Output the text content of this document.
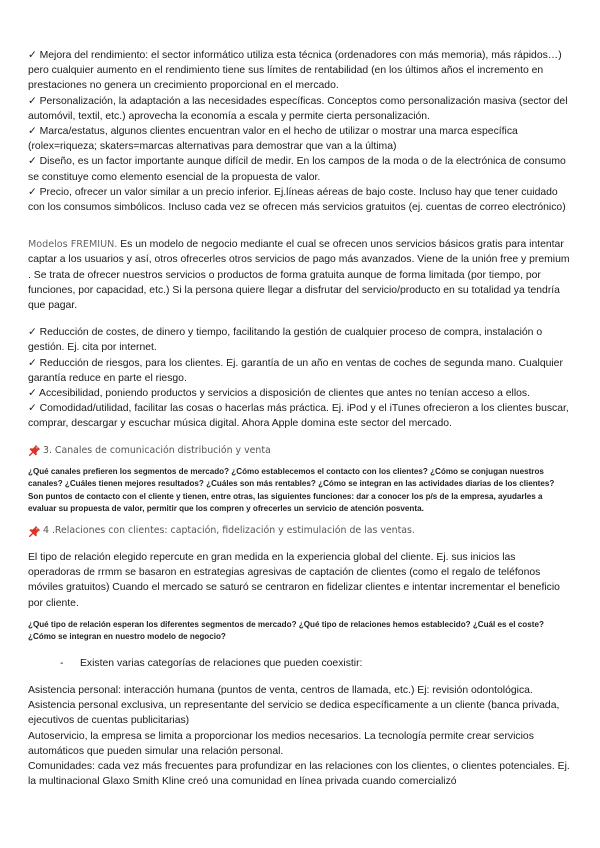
✓ Mejora del rendimiento: el sector informático utiliza esta técnica (ordenadores con más memoria), más rápidos…) pero cualquier aumento en el rendimiento tiene sus límites de rentabilidad (en los últimos años el incremento en prestaciones no genera un crecimiento proporcional en el mercado.

✓ Personalización, la adaptación a las necesidades específicas. Conceptos como personalización masiva (sector del automóvil, textil, etc.) aprovecha la economía a escala y permite cierta personalización.

✓ Marca/estatus, algunos clientes encuentran valor en el hecho de utilizar o mostrar una marca específica (rolex=riqueza; skaters=marcas alternativas para demostrar que van a la última)

✓ Diseño, es un factor importante aunque difícil de medir. En los campos de la moda o de la electrónica de consumo se constituye como elemento esencial de la propuesta de valor.

✓ Precio, ofrecer un valor similar a un precio inferior. Ej.líneas aéreas de bajo coste. Incluso hay que tener cuidado con los consumos simbólicos. Incluso cada vez se ofrecen más servicios gratuitos (ej. cuentas de correo electrónico)

Modelos FREMIUN. Es un modelo de negocio mediante el cual se ofrecen unos servicios básicos gratis para intentar captar a los usuarios y así, otros ofrecerles otros servicios de pago más avanzados. Viene de la unión free y premium . Se trata de ofrecer nuestros servicios o productos de forma gratuita aunque de forma limitada (por tiempo, por funciones, por capacidad, etc.) Si la persona quiere llegar a disfrutar del servicio/producto en su totalidad ya tendría que pagar.

✓ Reducción de costes, de dinero y tiempo, facilitando la gestión de cualquier proceso de compra, instalación o gestión. Ej. cita por internet.

✓ Reducción de riesgos, para los clientes. Ej. garantía de un año en ventas de coches de segunda mano. Cualquier garantía reduce en parte el riesgo.

✓ Accesibilidad, poniendo productos y servicios a disposición de clientes que antes no tenían acceso a ellos.

✓ Comodidad/utilidad, facilitar las cosas o hacerlas más práctica. Ej. iPod y el iTunes ofrecieron a los clientes buscar, comprar, descargar y escuchar música digital. Ahora Apple domina este sector del mercado.

3. Canales de comunicación distribución y venta

¿Qué canales prefieren los segmentos de mercado? ¿Cómo establecemos el contacto con los clientes? ¿Cómo se conjugan nuestros canales? ¿Cuáles tienen mejores resultados? ¿Cuáles son más rentables? ¿Cómo se integran en las actividades diarias de los clientes? Son puntos de contacto con el cliente y tienen, entre otras, las siguientes funciones: dar a conocer los p/s de la empresa, ayudarles a evaluar su propuesta de valor, permitir que los compren y ofrecerles un servicio de atención posventa.

4 .Relaciones con clientes: captación, fidelización y estimulación de las ventas.

El tipo de relación elegido repercute en gran medida en la experiencia global del cliente. Ej. sus inicios las operadoras de rrmm se basaron en estrategias agresivas de captación de clientes (como el regalo de teléfonos móviles gratuitos) Cuando el mercado se saturó se centraron en fidelizar clientes e intentar incrementar el beneficio por cliente.

¿Qué tipo de relación esperan los diferentes segmentos de mercado? ¿Qué tipo de relaciones hemos establecido? ¿Cuál es el coste? ¿Cómo se integran en nuestro modelo de negocio?

-	Existen varias categorías de relaciones que pueden coexistir:

Asistencia personal: interacción humana (puntos de venta, centros de llamada, etc.) Ej: revisión odontológica.

Asistencia personal exclusiva, un representante del servicio se dedica específicamente a un cliente (banca privada, ejecutivos de cuentas publicitarias)

Autoservicio, la empresa se limita a proporcionar los medios necesarios. La tecnología permite crear servicios automáticos que pueden simular una relación personal.

Comunidades: cada vez más frecuentes para profundizar en las relaciones con los clientes, o clientes potenciales. Ej. la multinacional Glaxo Smith Kline creó una comunidad en línea privada cuando comercializó
